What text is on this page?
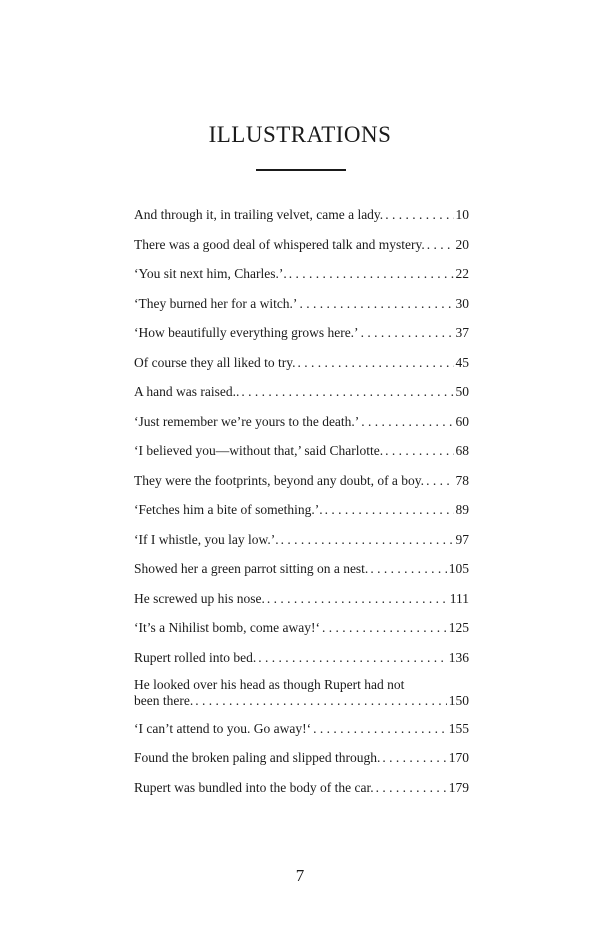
ILLUSTRATIONS
And through it, in trailing velvet, came a lady. . . .	10
There was a good deal of whispered talk and mystery. . . . 20
‘You sit next him, Charles.’. . . .	22
‘They burned her for a witch.’ . . .	30
‘How beautifully everything grows here.’ . . .	37
Of course they all liked to try. . . .	45
A hand was raised.. . . .	50
‘Just remember we’re yours to the death.’ . . .	60
‘I believed you—without that,’ said Charlotte. . . .	68
They were the footprints, beyond any doubt, of a boy. . . . 78
‘Fetches him a bite of something.’. . . .	89
‘If I whistle, you lay low.’. . . .	97
Showed her a green parrot sitting on a nest. . . .	105
He screwed up his nose. . . .	111
‘It’s a Nihilist bomb, come away!‘ . . .	125
Rupert rolled into bed. . . .	136
He looked over his head as though Rupert had not
been there. . . .	150
‘I can’t attend to you. Go away!‘ . . .	155
Found the broken paling and slipped through. . . .	170
Rupert was bundled into the body of the car. . . .	179
7
